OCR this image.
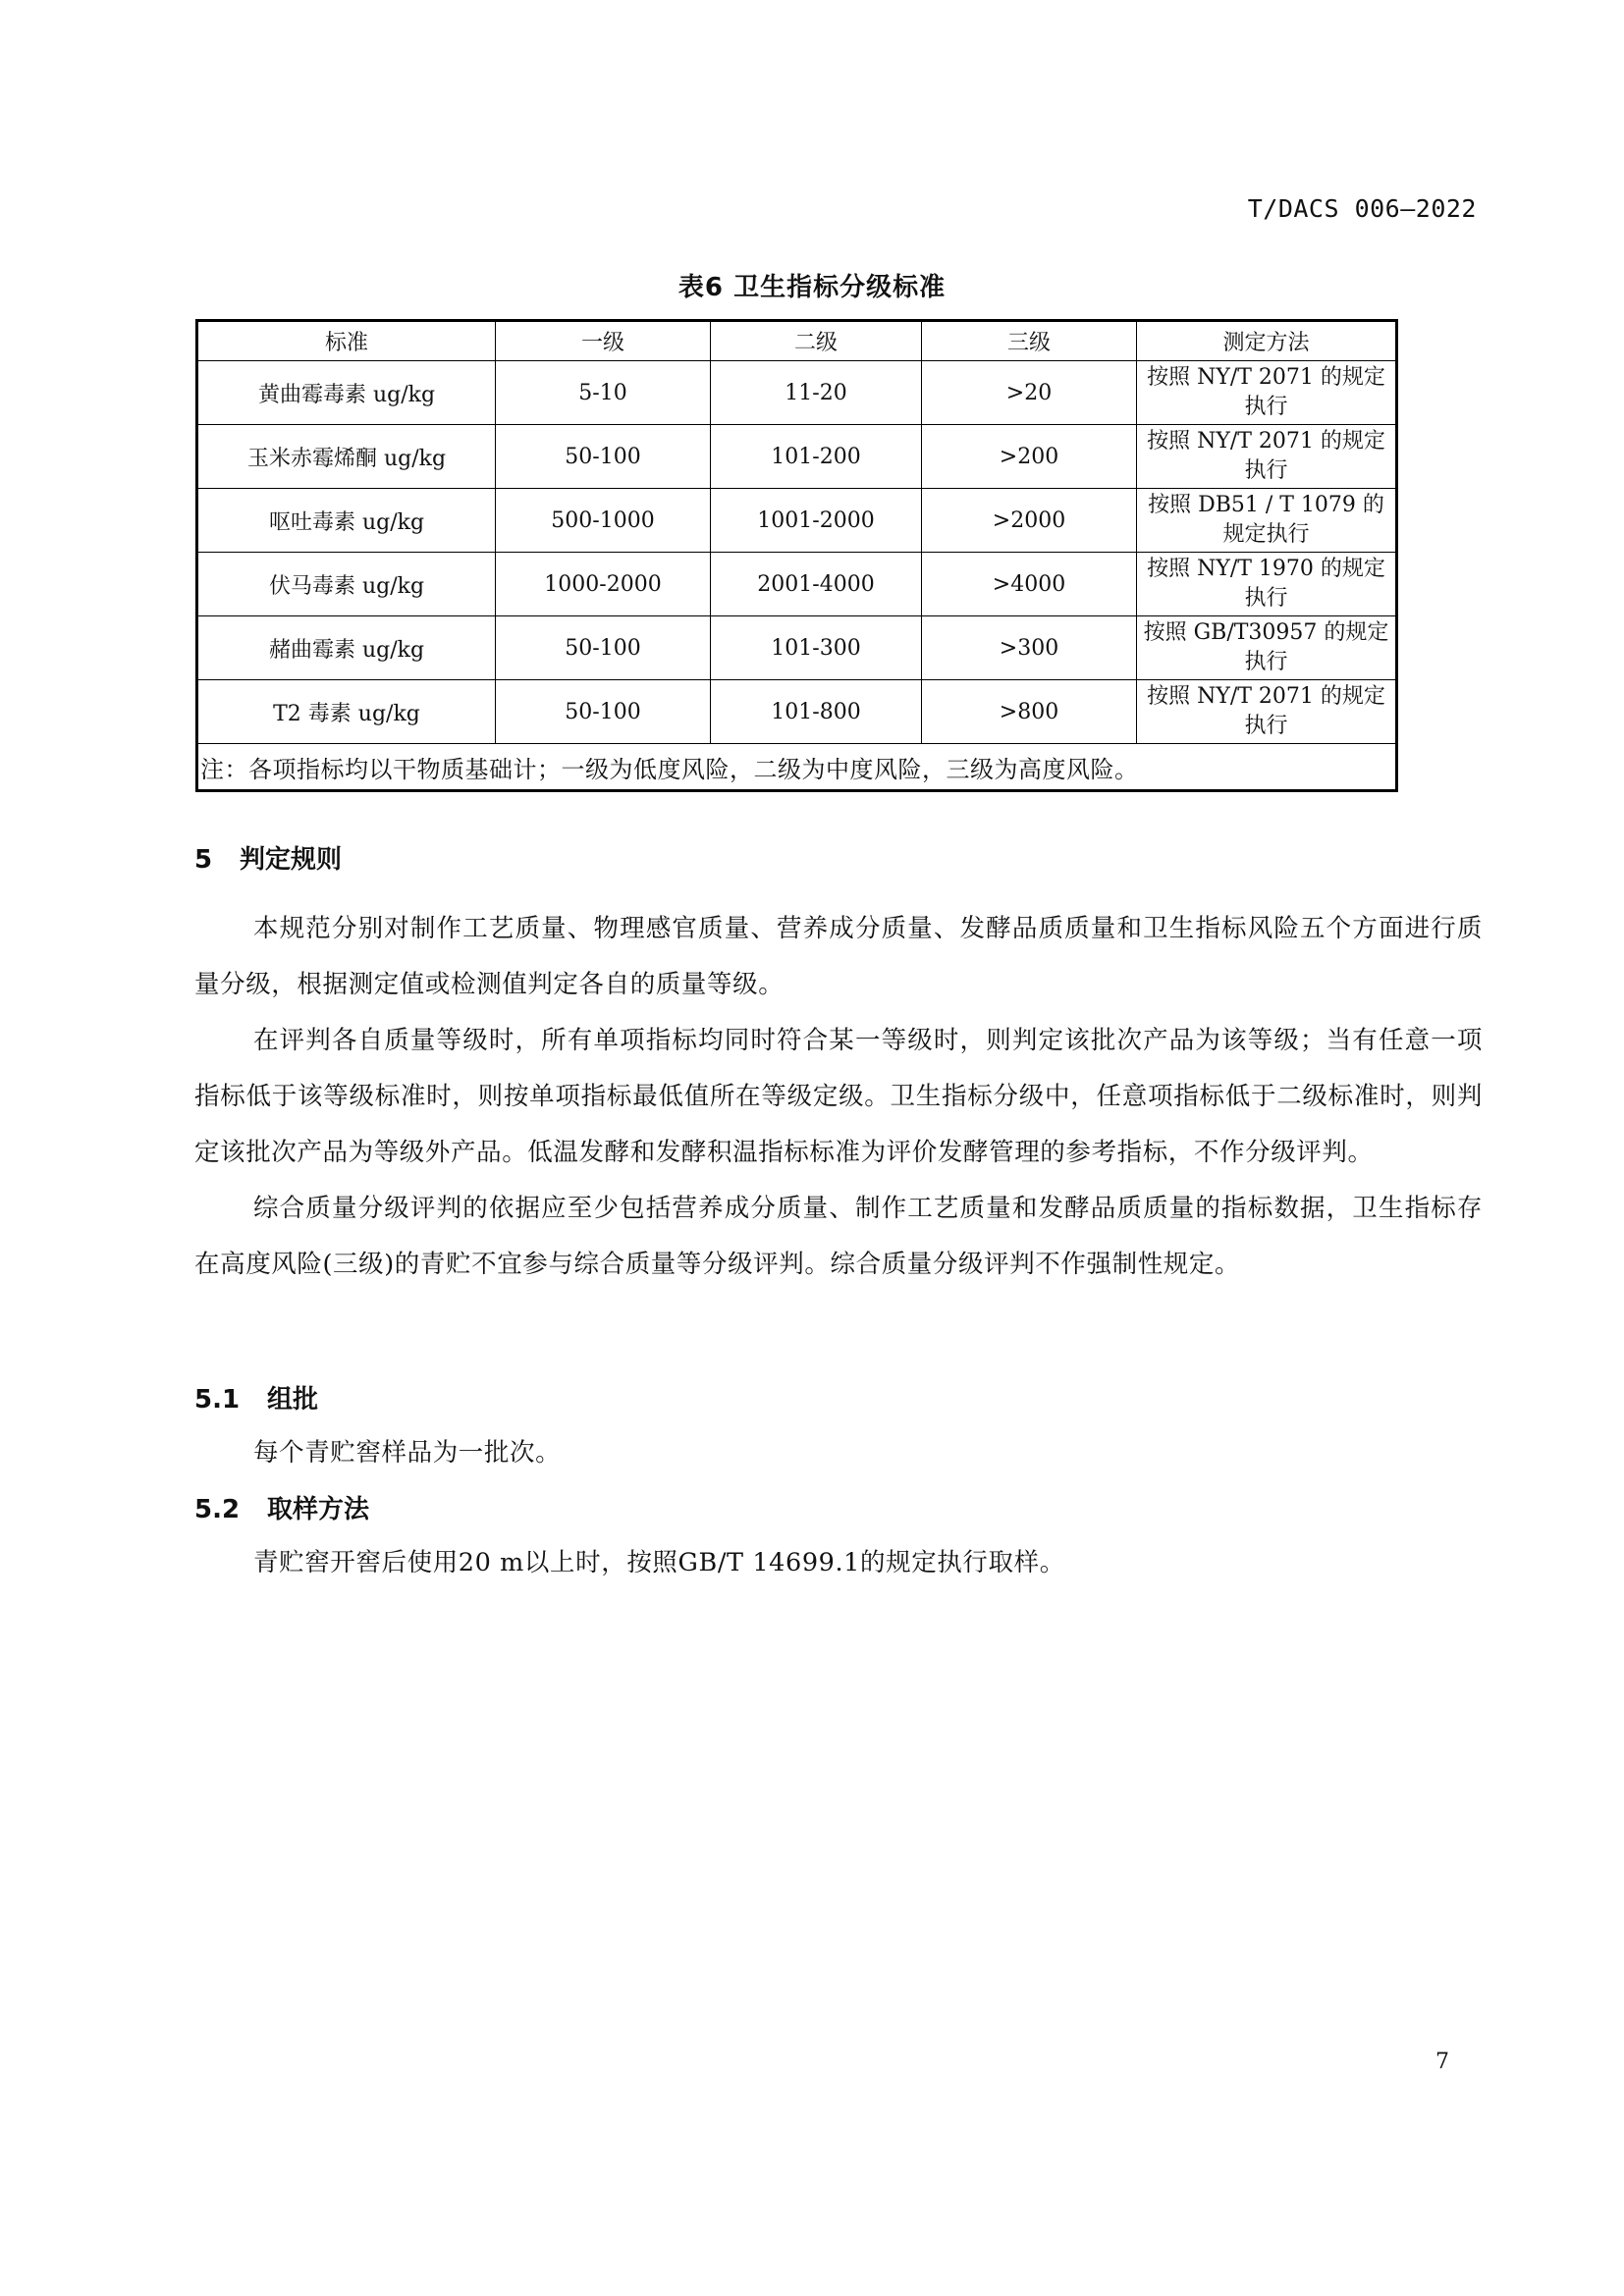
T/DACS 006—2022
表6 卫生指标分级标准
标准	一级	二级	三级	测定方法
黄曲霉毒素 ug/kg	5-10	11-20	>20	按照 NY/T 2071 的规定执行
玉米赤霉烯酮 ug/kg	50-100	101-200	>200	按照 NY/T 2071 的规定执行
呕吐毒素 ug/kg	500-1000	1001-2000	>2000	按照 DB51 / T 1079 的规定执行
伏马毒素 ug/kg	1000-2000	2001-4000	>4000	按照 NY/T 1970 的规定执行
赭曲霉素 ug/kg	50-100	101-300	>300	按照 GB/T30957 的规定执行
T2 毒素 ug/kg	50-100	101-800	>800	按照 NY/T 2071 的规定执行
注：各项指标均以干物质基础计；一级为低度风险，二级为中度风险，三级为高度风险。				
5 判定规则

本规范分别对制作工艺质量、物理感官质量、营养成分质量、发酵品质质量和卫生指标风险五个方面进行质量分级，根据测定值或检测值判定各自的质量等级。

在评判各自质量等级时，所有单项指标均同时符合某一等级时，则判定该批次产品为该等级；当有任意一项指标低于该等级标准时，则按单项指标最低值所在等级定级。卫生指标分级中，任意项指标低于二级标准时，则判定该批次产品为等级外产品。低温发酵和发酵积温指标标准为评价发酵管理的参考指标，不作分级评判。

综合质量分级评判的依据应至少包括营养成分质量、制作工艺质量和发酵品质质量的指标数据，卫生指标存在高度风险(三级)的青贮不宜参与综合质量等分级评判。综合质量分级评判不作强制性规定。

5.1 组批

每个青贮窖样品为一批次。

5.2 取样方法

青贮窖开窖后使用20 m以上时，按照GB/T 14699.1的规定执行取样。

7
